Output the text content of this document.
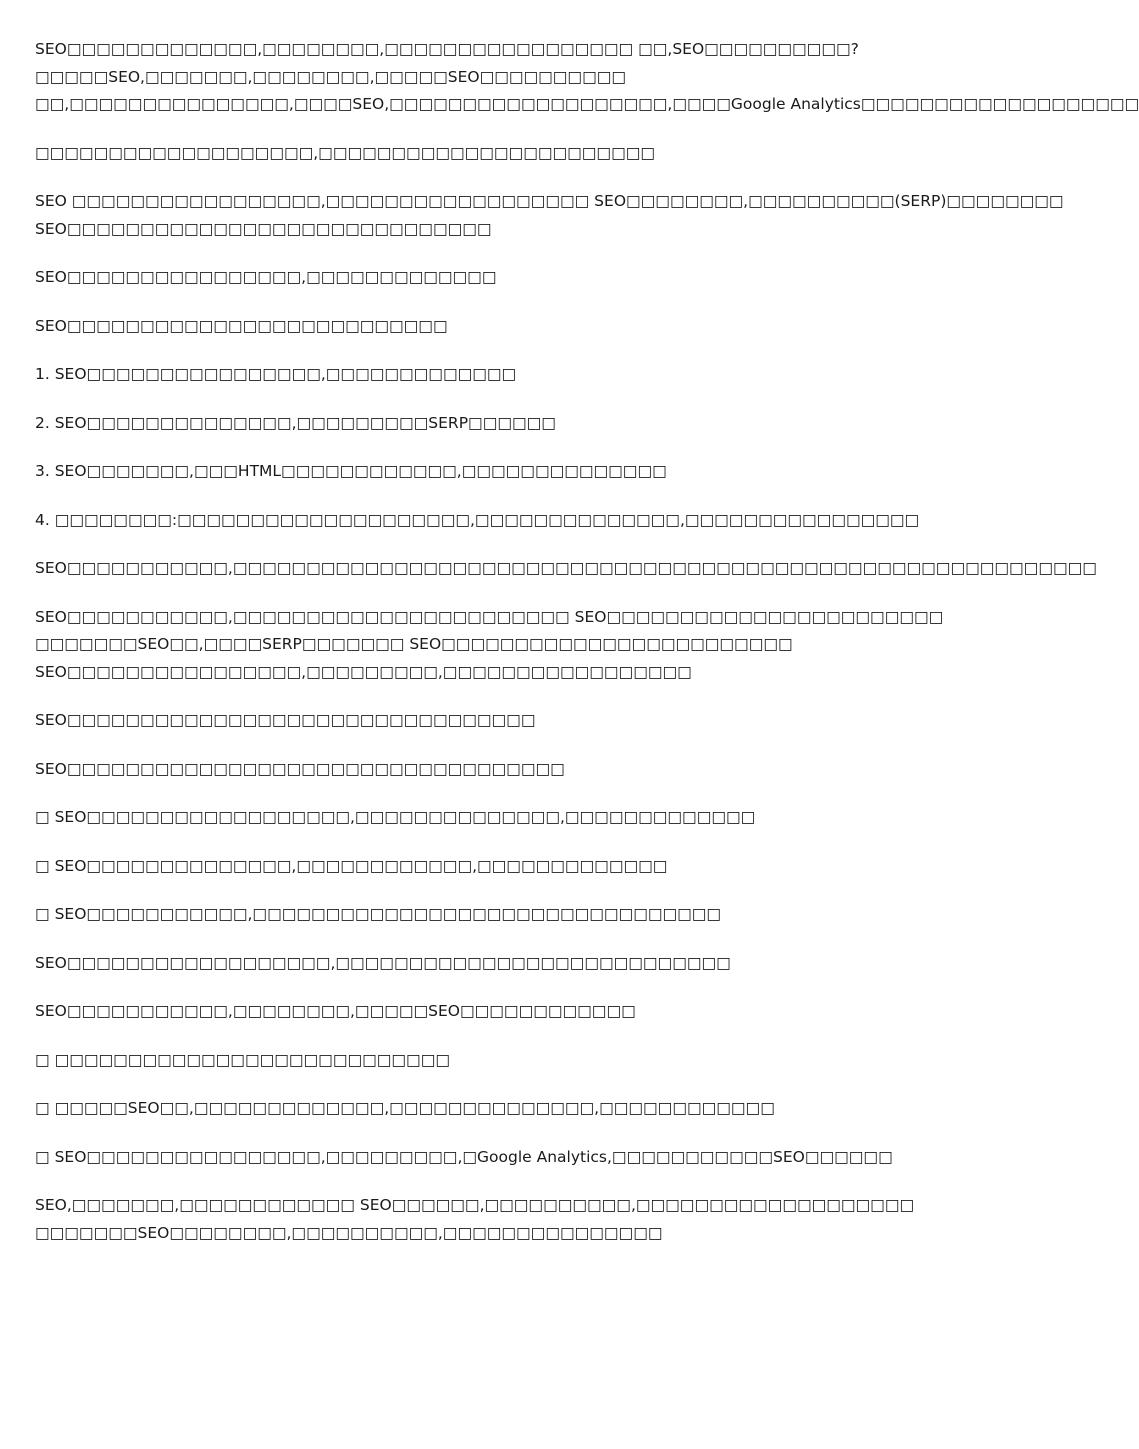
SEO□□□□□□□□□□□□□,□□□□□□□□,□□□□□□□□□□□□□□□□□ □□,SEO□□□□□□□□□□?
□□□□□SEO,□□□□□□□,□□□□□□□□,□□□□□SEO□□□□□□□□□□
□□,□□□□□□□□□□□□□□□,□□□□SEO,□□□□□□□□□□□□□□□□□□□,□□□□Google Analytics□□□□□□□□□□□□□□□□□□□

□□□□□□□□□□□□□□□□□□□,□□□□□□□□□□□□□□□□□□□□□□□

SEO □□□□□□□□□□□□□□□□□,□□□□□□□□□□□□□□□□□□ SEO□□□□□□□□,□□□□□□□□□□(SERP)□□□□□□□□
SEO□□□□□□□□□□□□□□□□□□□□□□□□□□□□□

SEO□□□□□□□□□□□□□□□□,□□□□□□□□□□□□□

SEO□□□□□□□□□□□□□□□□□□□□□□□□□□

1. SEO□□□□□□□□□□□□□□□□,□□□□□□□□□□□□□

2. SEO□□□□□□□□□□□□□□,□□□□□□□□□SERP□□□□□□

3. SEO□□□□□□□,□□□HTML□□□□□□□□□□□□,□□□□□□□□□□□□□□

4. □□□□□□□□:□□□□□□□□□□□□□□□□□□□□,□□□□□□□□□□□□□□,□□□□□□□□□□□□□□□□

SEO□□□□□□□□□□□,□□□□□□□□□□□□□□□□□□□□□□□□□□□□□□□□□□□□□□□□□□□□□□□□□□□□□□□□□□□

SEO□□□□□□□□□□□,□□□□□□□□□□□□□□□□□□□□□□□ SEO□□□□□□□□□□□□□□□□□□□□□□□
□□□□□□□SEO□□,□□□□SERP□□□□□□□ SEO□□□□□□□□□□□□□□□□□□□□□□□□
SEO□□□□□□□□□□□□□□□□,□□□□□□□□□,□□□□□□□□□□□□□□□□□

SEO□□□□□□□□□□□□□□□□□□□□□□□□□□□□□□□□

SEO□□□□□□□□□□□□□□□□□□□□□□□□□□□□□□□□□□

□ SEO□□□□□□□□□□□□□□□□□□,□□□□□□□□□□□□□□,□□□□□□□□□□□□□

□ SEO□□□□□□□□□□□□□□,□□□□□□□□□□□□,□□□□□□□□□□□□□

□ SEO□□□□□□□□□□□,□□□□□□□□□□□□□□□□□□□□□□□□□□□□□□□□

SEO□□□□□□□□□□□□□□□□□□,□□□□□□□□□□□□□□□□□□□□□□□□□□□

SEO□□□□□□□□□□□,□□□□□□□□,□□□□□SEO□□□□□□□□□□□□

□ □□□□□□□□□□□□□□□□□□□□□□□□□□□

□ □□□□□SEO□□,□□□□□□□□□□□□□,□□□□□□□□□□□□□□,□□□□□□□□□□□□

□ SEO□□□□□□□□□□□□□□□□,□□□□□□□□□,□Google Analytics,□□□□□□□□□□□SEO□□□□□□

SEO,□□□□□□□,□□□□□□□□□□□□ SEO□□□□□□,□□□□□□□□□□,□□□□□□□□□□□□□□□□□□□
□□□□□□□SEO□□□□□□□□,□□□□□□□□□□,□□□□□□□□□□□□□□□
